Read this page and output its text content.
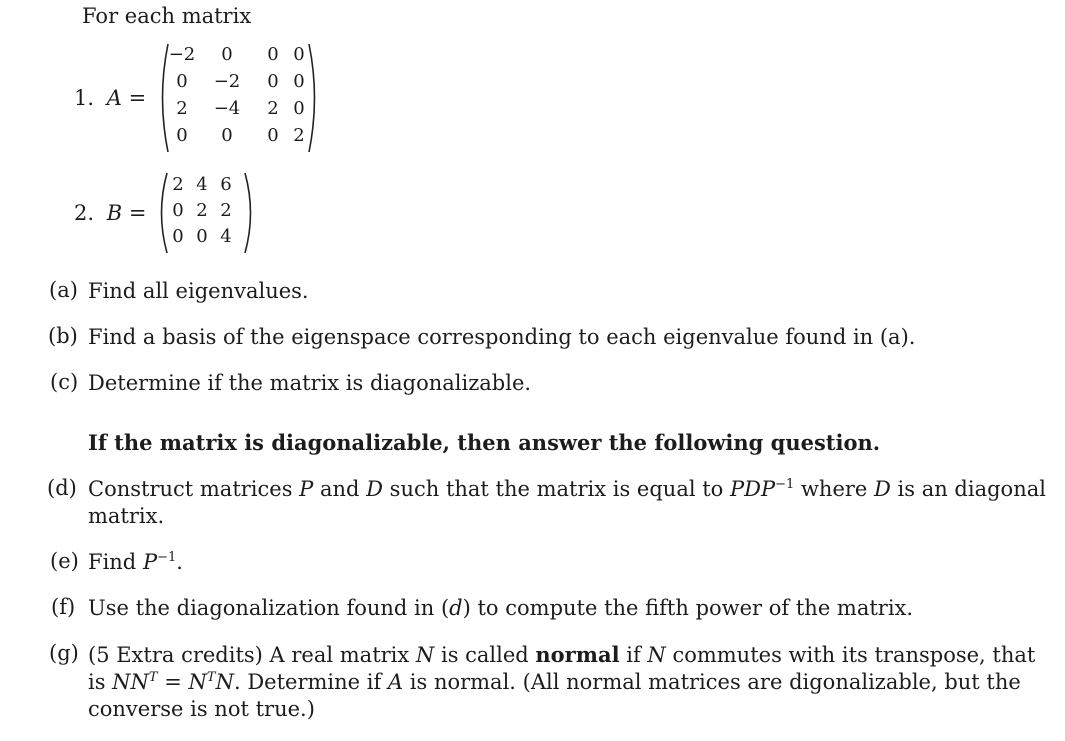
For each matrix
1. A =
−2	0	0 0
0	−2	0 0
2	−4	2 0
0	0	0 2
2. B =
2 4 6
0 2 2
0 0 4
(a) Find all eigenvalues.
(b) Find a basis of the eigenspace corresponding to each eigenvalue found in (a).
(c) Determine if the matrix is diagonalizable.
If the matrix is diagonalizable, then answer the following question.
(d) Construct matrices P and D such that the matrix is equal to $PDP^{-1}$ where D is an diagonal
matrix.
(e) Find $P^{-1}$.
(f) Use the diagonalization found in (d) to compute the fifth power of the matrix.
(g) (5 Extra credits) A real matrix N is called normal if N commutes with its transpose, that
is $NN^T = N^TN$. Determine if A is normal. (All normal matrices are digonalizable, but the
converse is not true.)
